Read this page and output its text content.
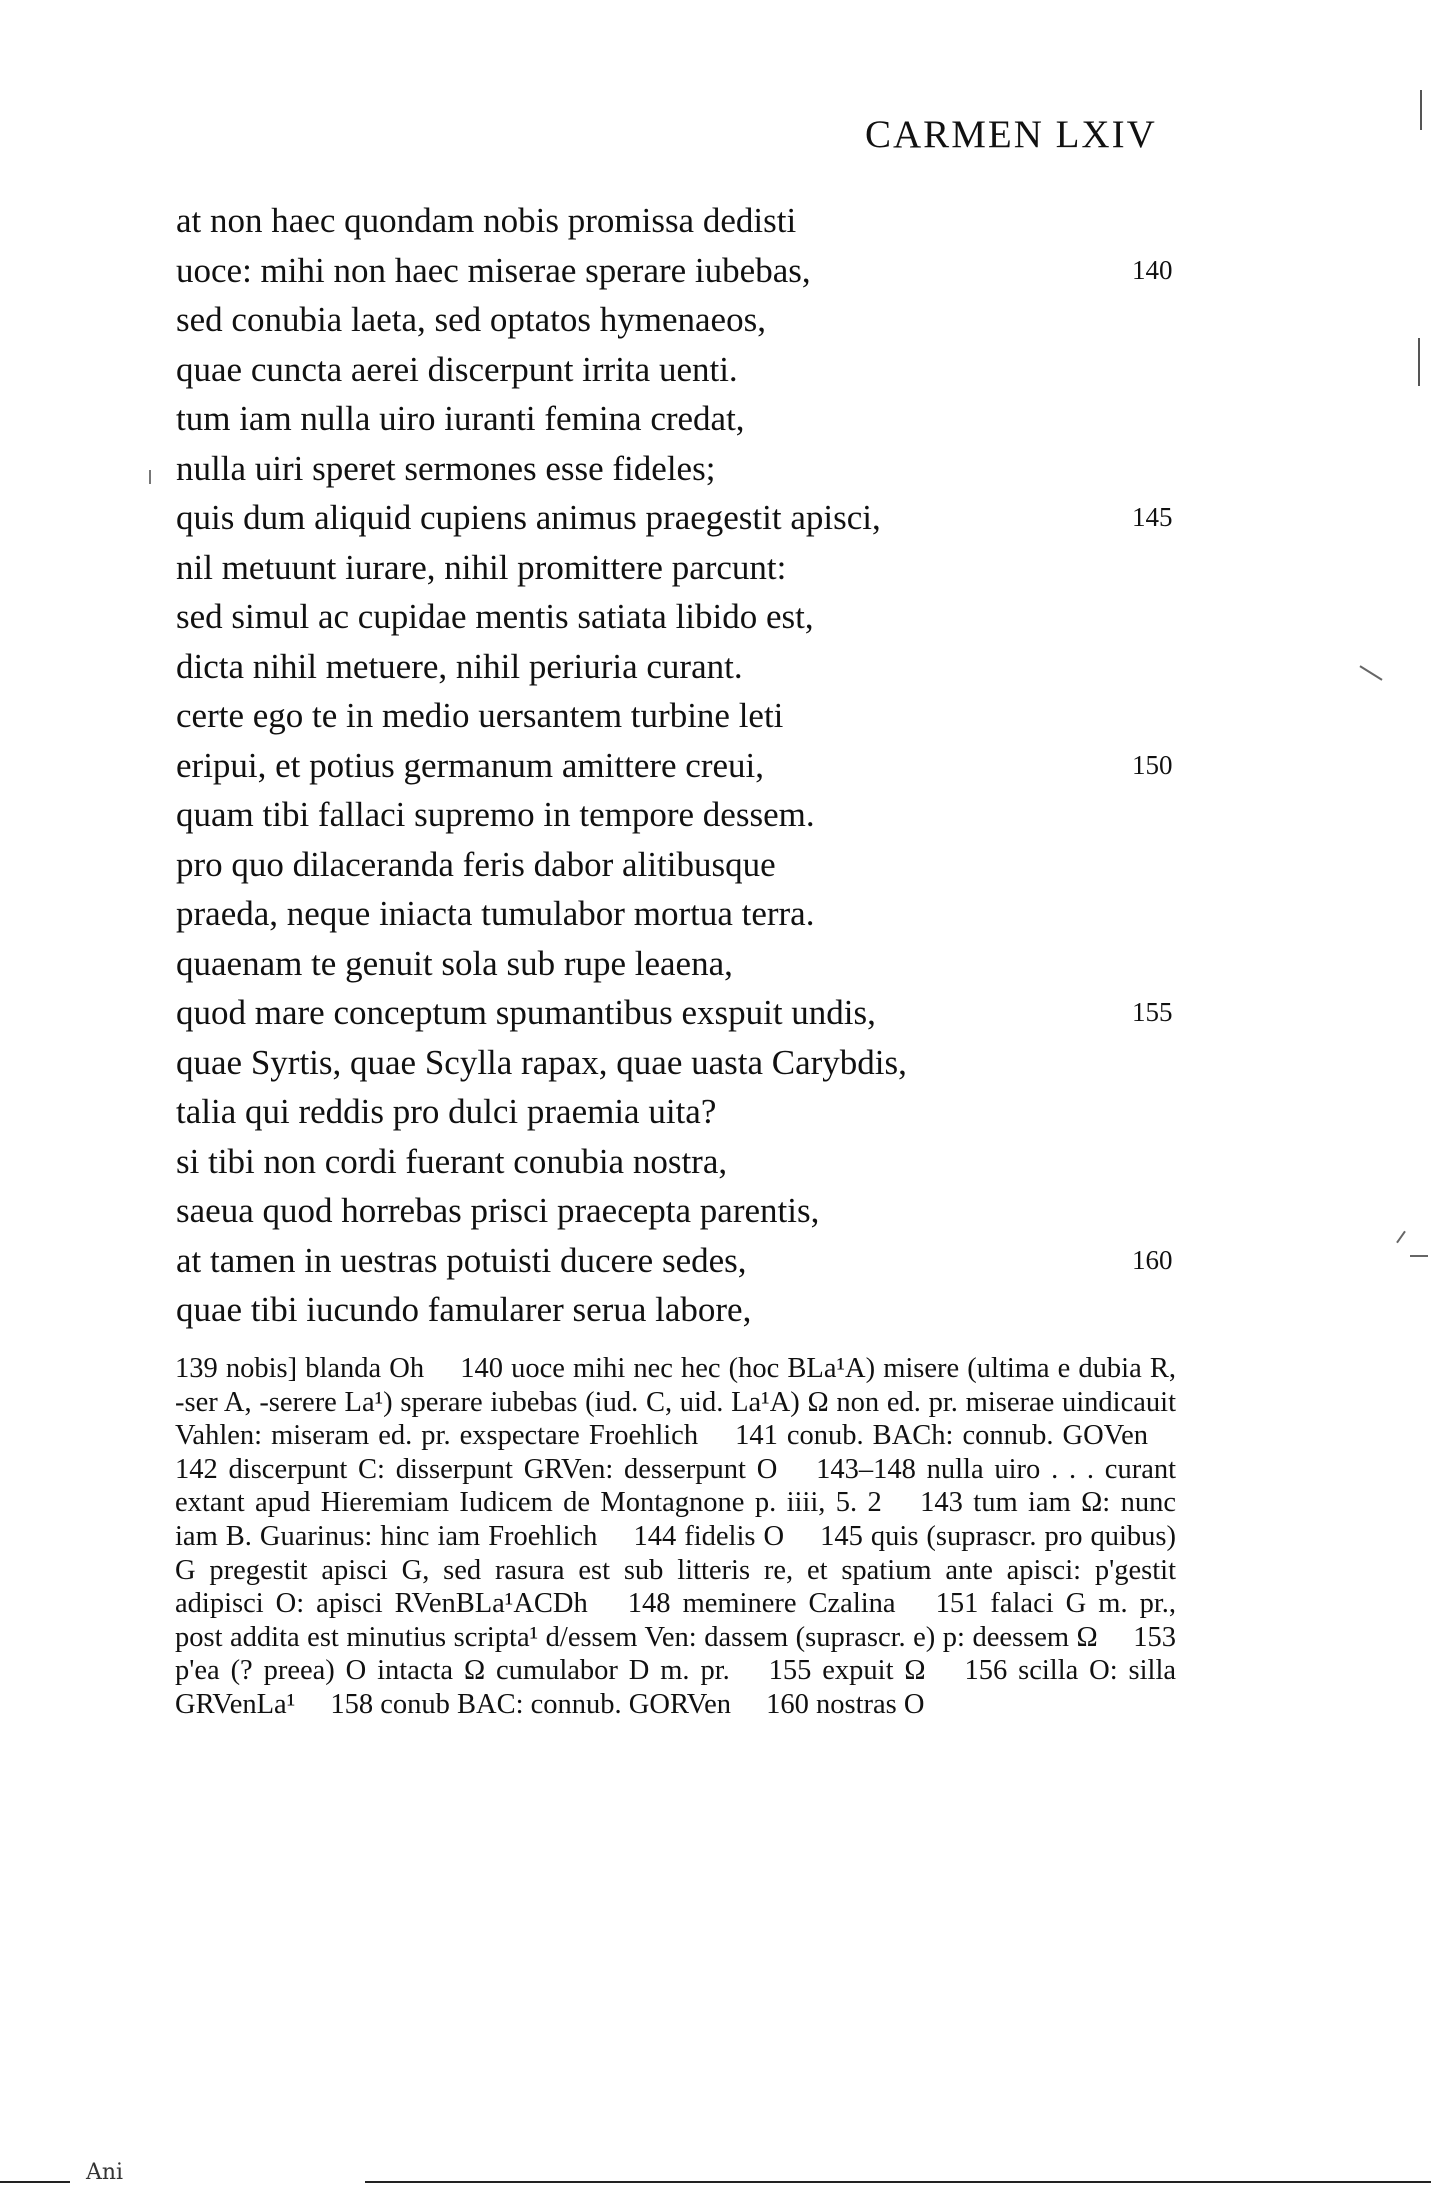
CARMEN LXIV
at non haec quondam nobis promissa dedisti
uoce: mihi non haec miserae sperare iubebas,	140
sed conubia laeta, sed optatos hymenaeos,
quae cuncta aerei discerpunt irrita uenti.
tum iam nulla uiro iuranti femina credat,
nulla uiri speret sermones esse fideles;
quis dum aliquid cupiens animus praegestit apisci,	145
nil metuunt iurare, nihil promittere parcunt:
sed simul ac cupidae mentis satiata libido est,
dicta nihil metuere, nihil periuria curant.
certe ego te in medio uersantem turbine leti
eripui, et potius germanum amittere creui,	150
quam tibi fallaci supremo in tempore dessem.
pro quo dilaceranda feris dabor alitibusque
praeda, neque iniacta tumulabor mortua terra.
quaenam te genuit sola sub rupe leaena,
quod mare conceptum spumantibus exspuit undis,	155
quae Syrtis, quae Scylla rapax, quae uasta Carybdis,
talia qui reddis pro dulci praemia uita?
si tibi non cordi fuerant conubia nostra,
saeua quod horrebas prisci praecepta parentis,
at tamen in uestras potuisti ducere sedes,	160
quae tibi iucundo famularer serua labore,

139 nobis] blanda Oh 140 uoce mihi nec hec (hoc BLa¹A) misere (ultima e dubia R, -ser A, -serere La¹) sperare iubebas (iud. C, uid. La¹A) Ω non ed. pr. miserae uindicauit Vahlen: miseram ed. pr. exspectare Froehlich 141 conub. BACh: connub. GOVen 142 discerpunt C: disserpunt GRVen: desserpunt O 143–148 nulla uiro . . . curant extant apud Hieremiam Iudicem de Montagnone p. iiii, 5. 2 143 tum iam Ω: nunc iam B. Guarinus: hinc iam Froehlich 144 fidelis O 145 quis (suprascr. pro quibus) G pregestit apisci G, sed rasura est sub litteris re, et spatium ante apisci: p'gestit adipisci O: apisci RVenBLa¹ACDh 148 meminere Czalina 151 falaci G m. pr., post addita est minutius scripta¹ d/essem Ven: dassem (suprascr. e) p: deessem Ω 153 p'ea (? preea) O intacta Ω cumulabor D m. pr. 155 expuit Ω 156 scilla O: silla GRVenLa¹ 158 conub BAC: connub. GORVen 160 nostras O

Ani
